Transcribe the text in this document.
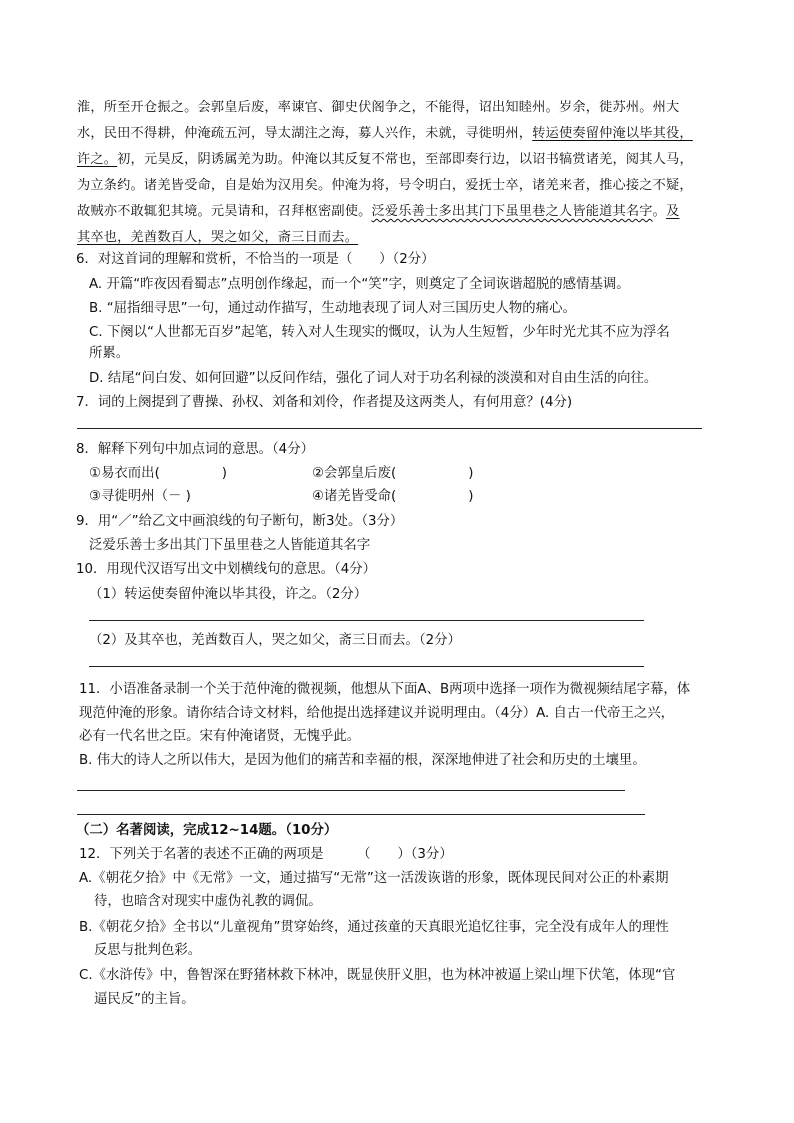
淮，所至开仓振之。会郭皇后废，率谏官、御史伏阁争之，不能得，诏出知睦州。岁余，徙苏州。州大
水，民田不得耕，仲淹疏五河，导太湖注之海，募人兴作，未就，寻徙明州，转运使奏留仲淹以毕其役，
许之。初，元昊反，阴诱属羌为助。仲淹以其反复不常也，至部即奏行边，以诏书犒赏诸羌，阅其人马，
为立条约。诸羌皆受命，自是始为汉用矣。仲淹为将，号令明白，爱抚士卒，诸羌来者，推心接之不疑，
故贼亦不敢辄犯其境。元昊请和，召拜枢密副使。泛爱乐善士多出其门下虽里巷之人皆能道其名字。及
其卒也，羌酋数百人，哭之如父，斋三日而去。
6．对这首词的理解和赏析，不恰当的一项是（　　）（2分）
A. 开篇“昨夜因看蜀志”点明创作缘起，而一个“笑”字，则奠定了全词诙谐超脱的感情基调。
B. “屈指细寻思”一句，通过动作描写，生动地表现了词人对三国历史人物的痛心。
C. 下阕以“人世都无百岁”起笔，转入对人生现实的慨叹，认为人生短暂，少年时光尤其不应为浮名
所累。
D. 结尾“问白发、如何回避”以反问作结，强化了词人对于功名利禄的淡漠和对自由生活的向往。
7．词的上阕提到了曹操、孙权、刘备和刘伶，作者提及这两类人，有何用意？(4分)
8．解释下列句中加点词的意思。（4分）
①易衣而出(	)	②会郭皇后废(	)
③寻徙明州（－ )	④诸羌皆受命(	)
9．用“／”给乙文中画浪线的句子断句，断3处。（3分）
泛爱乐善士多出其门下虽里巷之人皆能道其名字
10．用现代汉语写出文中划横线句的意思。（4分）
（1）转运使奏留仲淹以毕其役，许之。（2分）
（2）及其卒也，羌酋数百人，哭之如父，斋三日而去。（2分）
11．小语准备录制一个关于范仲淹的微视频，他想从下面A、B两项中选择一项作为微视频结尾字幕，体
现范仲淹的形象。请你结合诗文材料，给他提出选择建议并说明理由。（4分）A. 自古一代帝王之兴，
必有一代名世之臣。宋有仲淹诸贤，无愧乎此。
B. 伟大的诗人之所以伟大，是因为他们的痛苦和幸福的根，深深地伸进了社会和历史的土壤里。
（二）名著阅读，完成12~14题。（10分）
12．下列关于名著的表述不正确的两项是　　　（　　）（3分）
A.《朝花夕拾》中《无常》一文，通过描写“无常”这一活泼诙谐的形象，既体现民间对公正的朴素期
待，也暗含对现实中虚伪礼教的调侃。
B.《朝花夕拾》全书以“儿童视角”贯穿始终，通过孩童的天真眼光追忆往事，完全没有成年人的理性
反思与批判色彩。
C.《水浒传》中，鲁智深在野猪林救下林冲，既显侠肝义胆，也为林冲被逼上梁山埋下伏笔，体现“官
逼民反”的主旨。
